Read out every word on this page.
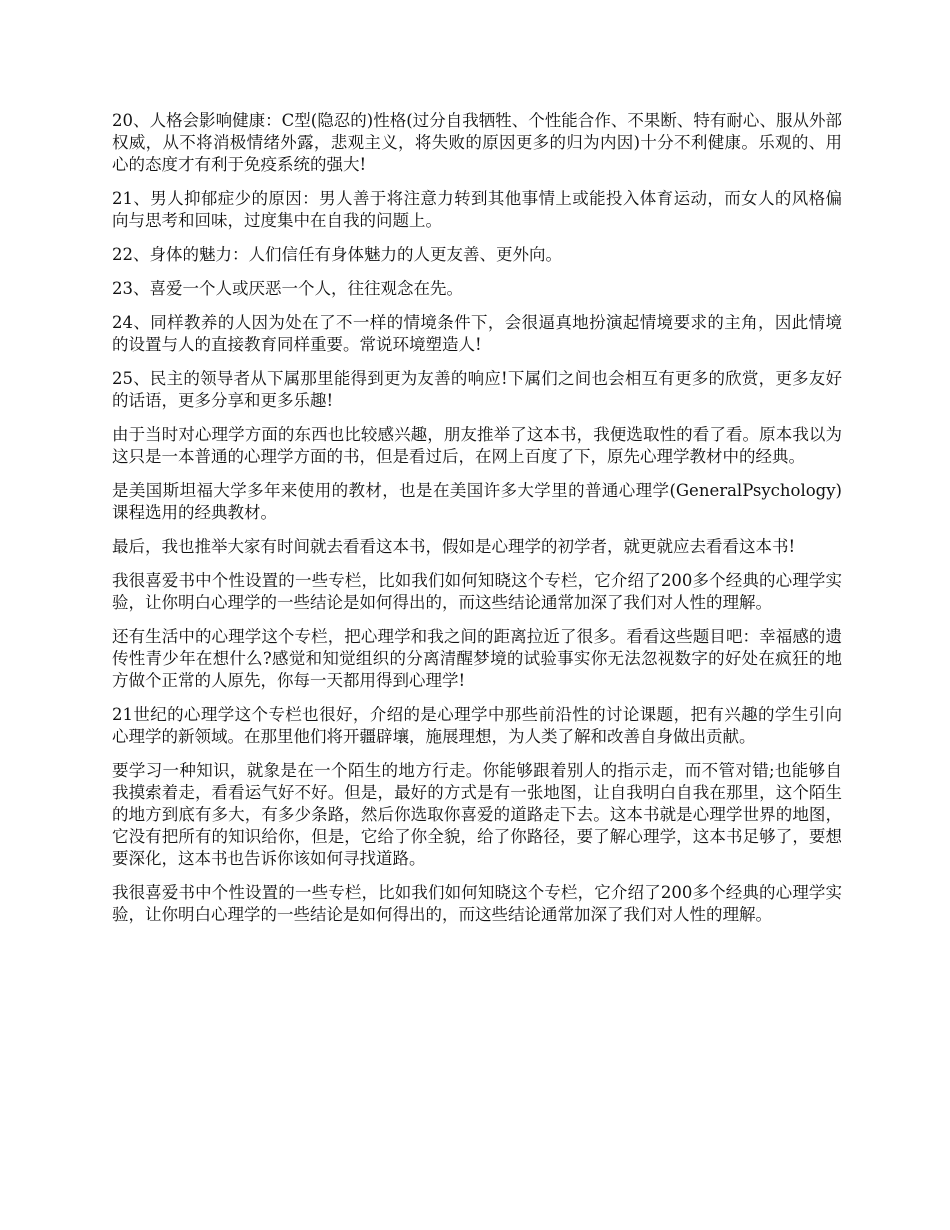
20、人格会影响健康：C型(隐忍的)性格(过分自我牺牲、个性能合作、不果断、特有耐心、服从外部权威，从不将消极情绪外露，悲观主义，将失败的原因更多的归为内因)十分不利健康。乐观的、用心的态度才有利于免疫系统的强大!

21、男人抑郁症少的原因：男人善于将注意力转到其他事情上或能投入体育运动，而女人的风格偏向与思考和回味，过度集中在自我的问题上。

22、身体的魅力：人们信任有身体魅力的人更友善、更外向。

23、喜爱一个人或厌恶一个人，往往观念在先。

24、同样教养的人因为处在了不一样的情境条件下，会很逼真地扮演起情境要求的主角，因此情境的设置与人的直接教育同样重要。常说环境塑造人!

25、民主的领导者从下属那里能得到更为友善的响应!下属们之间也会相互有更多的欣赏，更多友好的话语，更多分享和更多乐趣!

由于当时对心理学方面的东西也比较感兴趣，朋友推举了这本书，我便选取性的看了看。原本我以为这只是一本普通的心理学方面的书，但是看过后，在网上百度了下，原先心理学教材中的经典。

是美国斯坦福大学多年来使用的教材，也是在美国许多大学里的普通心理学(GeneralPsychology)课程选用的经典教材。

最后，我也推举大家有时间就去看看这本书，假如是心理学的初学者，就更就应去看看这本书!

我很喜爱书中个性设置的一些专栏，比如我们如何知晓这个专栏，它介绍了200多个经典的心理学实验，让你明白心理学的一些结论是如何得出的，而这些结论通常加深了我们对人性的理解。

还有生活中的心理学这个专栏，把心理学和我之间的距离拉近了很多。看看这些题目吧：幸福感的遗传性青少年在想什么?感觉和知觉组织的分离清醒梦境的试验事实你无法忽视数字的好处在疯狂的地方做个正常的人原先，你每一天都用得到心理学!

21世纪的心理学这个专栏也很好，介绍的是心理学中那些前沿性的讨论课题，把有兴趣的学生引向心理学的新领域。在那里他们将开疆辟壤，施展理想，为人类了解和改善自身做出贡献。

要学习一种知识，就象是在一个陌生的地方行走。你能够跟着别人的指示走，而不管对错;也能够自我摸索着走，看看运气好不好。但是，最好的方式是有一张地图，让自我明白自我在那里，这个陌生的地方到底有多大，有多少条路，然后你选取你喜爱的道路走下去。这本书就是心理学世界的地图，它没有把所有的知识给你，但是，它给了你全貌，给了你路径，要了解心理学，这本书足够了，要想要深化，这本书也告诉你该如何寻找道路。

我很喜爱书中个性设置的一些专栏，比如我们如何知晓这个专栏，它介绍了200多个经典的心理学实验，让你明白心理学的一些结论是如何得出的，而这些结论通常加深了我们对人性的理解。
